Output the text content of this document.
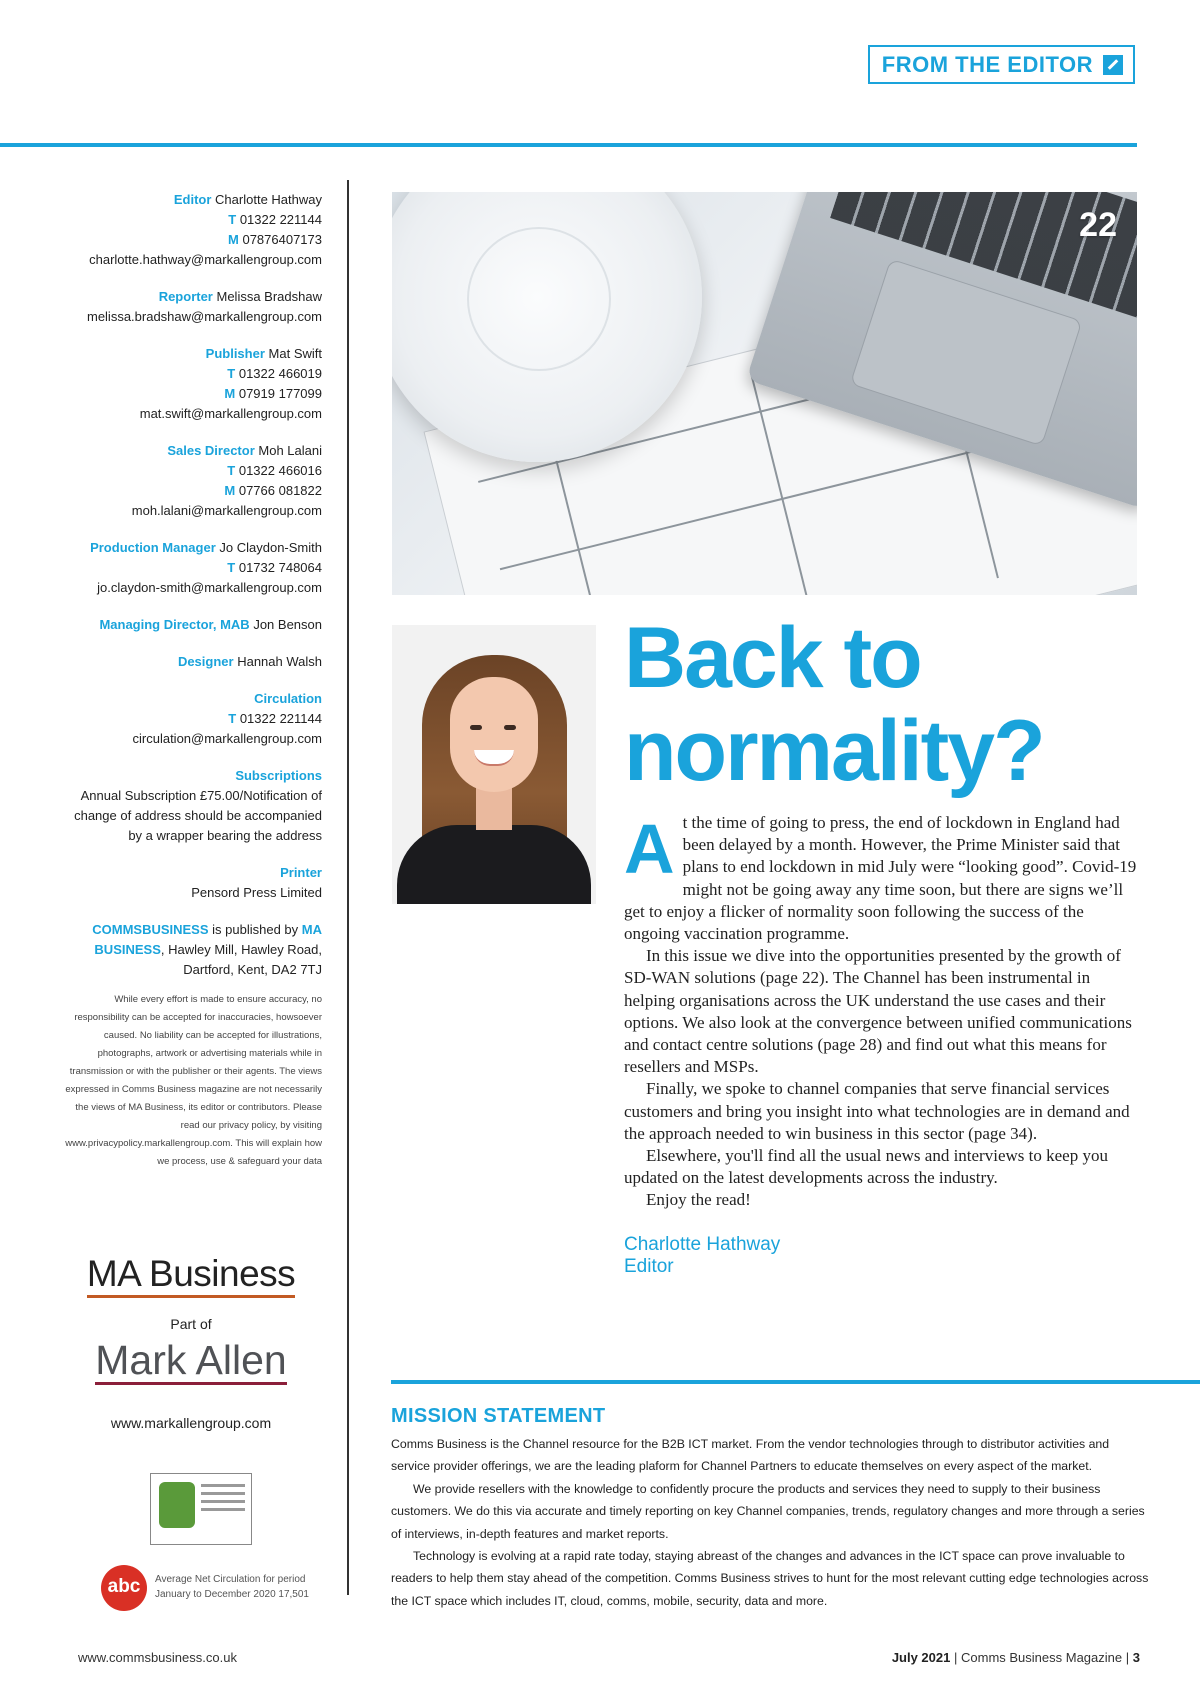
FROM THE EDITOR
Editor Charlotte Hathway
T 01322 221144
M 07876407173
charlotte.hathway@markallengroup.com
Reporter Melissa Bradshaw
melissa.bradshaw@markallengroup.com
Publisher Mat Swift
T 01322 466019
M 07919 177099
mat.swift@markallengroup.com
Sales Director Moh Lalani
T 01322 466016
M 07766 081822
moh.lalani@markallengroup.com
Production Manager Jo Claydon-Smith
T 01732 748064
jo.claydon-smith@markallengroup.com
Managing Director, MAB Jon Benson
Designer Hannah Walsh
Circulation
T 01322 221144
circulation@markallengroup.com
Subscriptions
Annual Subscription £75.00/Notification of change of address should be accompanied by a wrapper bearing the address
Printer
Pensord Press Limited
COMMSBUSINESS is published by MA BUSINESS, Hawley Mill, Hawley Road, Dartford, Kent, DA2 7TJ
While every effort is made to ensure accuracy, no responsibility can be accepted for inaccuracies, howsoever caused. No liability can be accepted for illustrations, photographs, artwork or advertising materials while in transmission or with the publisher or their agents. The views expressed in Comms Business magazine are not necessarily the views of MA Business, its editor or contributors. Please read our privacy policy, by visiting www.privacypolicy.markallengroup.com. This will explain how we process, use & safeguard your data
22
Back to
normality?
A t the time of going to press, the end of lockdown in England had been delayed by a month. However, the Prime Minister said that plans to end lockdown in mid July were “looking good”. Covid-19 might not be going away any time soon, but there are signs we’ll get to enjoy a flicker of normality soon following the success of the ongoing vaccination programme.

In this issue we dive into the opportunities presented by the growth of SD-WAN solutions (page 22). The Channel has been instrumental in helping organisations across the UK understand the use cases and their options. We also look at the convergence between unified communications and contact centre solutions (page 28) and find out what this means for resellers and MSPs.

Finally, we spoke to channel companies that serve financial services customers and bring you insight into what technologies are in demand and the approach needed to win business in this sector (page 34).

Elsewhere, you'll find all the usual news and interviews to keep you updated on the latest developments across the industry.

Enjoy the read!

Charlotte Hathway
Editor
MA Business
Part of
Mark Allen
www.markallengroup.com
abc	Average Net Circulation for period January to December 2020 17,501
MISSION STATEMENT

Comms Business is the Channel resource for the B2B ICT market. From the vendor technologies through to distributor activities and service provider offerings, we are the leading plaform for Channel Partners to educate themselves on every aspect of the market.

We provide resellers with the knowledge to confidently procure the products and services they need to supply to their business customers. We do this via accurate and timely reporting on key Channel companies, trends, regulatory changes and more through a series of interviews, in-depth features and market reports.

Technology is evolving at a rapid rate today, staying abreast of the changes and advances in the ICT space can prove invaluable to readers to help them stay ahead of the competition. Comms Business strives to hunt for the most relevant cutting edge technologies across the ICT space which includes IT, cloud, comms, mobile, security, data and more.

www.commsbusiness.co.uk	July 2021 | Comms Business Magazine | 3
